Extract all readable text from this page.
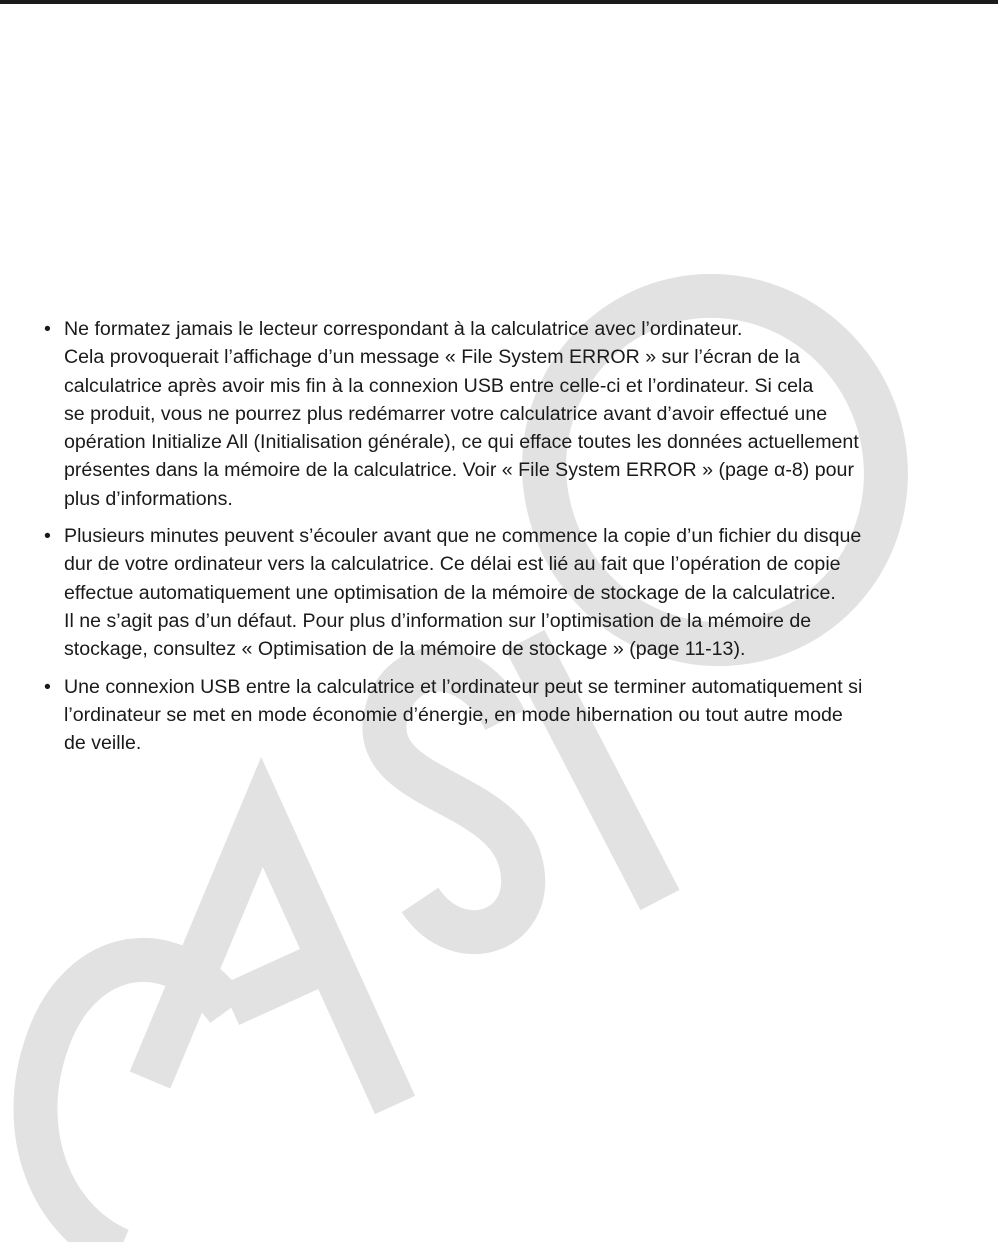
• Ne formatez jamais le lecteur correspondant à la calculatrice avec l’ordinateur.
Cela provoquerait l’affichage d’un message « File System ERROR » sur l’écran de la
calculatrice après avoir mis fin à la connexion USB entre celle-ci et l’ordinateur. Si cela
se produit, vous ne pourrez plus redémarrer votre calculatrice avant d’avoir effectué une
opération Initialize All (Initialisation générale), ce qui efface toutes les données actuellement
présentes dans la mémoire de la calculatrice. Voir « File System ERROR » (page α-8) pour
plus d’informations.
• Plusieurs minutes peuvent s’écouler avant que ne commence la copie d’un fichier du disque
dur de votre ordinateur vers la calculatrice. Ce délai est lié au fait que l’opération de copie
effectue automatiquement une optimisation de la mémoire de stockage de la calculatrice.
Il ne s’agit pas d’un défaut. Pour plus d’information sur l’optimisation de la mémoire de
stockage, consultez « Optimisation de la mémoire de stockage » (page 11-13).
• Une connexion USB entre la calculatrice et l’ordinateur peut se terminer automatiquement si
l’ordinateur se met en mode économie d’énergie, en mode hibernation ou tout autre mode
de veille.
